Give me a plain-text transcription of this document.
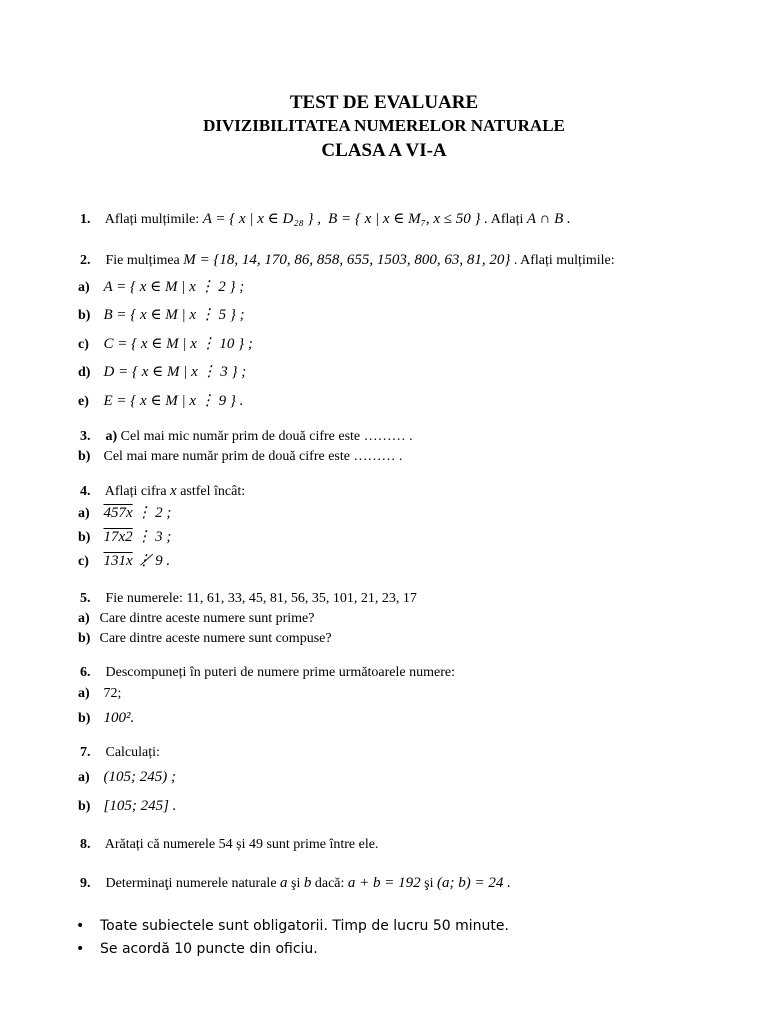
TEST DE EVALUARE
DIVIZIBILITATEA NUMERELOR NATURALE
CLASA A VI-A
1. Aflați mulțimile: A = { x | x ∈ D₂₈ } , B = { x | x ∈ M₇, x ≤ 50 } . Aflați A ∩ B .
2. Fie mulțimea M = {18, 14, 170, 86, 858, 655, 1503, 800, 63, 81, 20} . Aflați mulțimile:
a) A = { x ∈ M | x ⋮ 2 } ;
b) B = { x ∈ M | x ⋮ 5 } ;
c) C = { x ∈ M | x ⋮ 10 } ;
d) D = { x ∈ M | x ⋮ 3 } ;
e) E = { x ∈ M | x ⋮ 9 } .
3. a) Cel mai mic număr prim de două cifre este ……… .
b) Cel mai mare număr prim de două cifre este ……… .
4. Aflați cifra x astfel încât:
a) 457x ⋮ 2 ;
b) 17x2 ⋮ 3 ;
c) 131x ⋮̸ 9 .
5. Fie numerele: 11, 61, 33, 45, 81, 56, 35, 101, 21, 23, 17
a) Care dintre aceste numere sunt prime?
b) Care dintre aceste numere sunt compuse?
6. Descompuneți în puteri de numere prime următoarele numere:
a) 72;
b) 100².
7. Calculați:
a) (105; 245) ;
b) [105; 245] .
8. Arătați că numerele 54 și 49 sunt prime între ele.
9. Determinaţi numerele naturale a şi b dacă: a + b = 192 şi (a; b) = 24 .
• Toate subiectele sunt obligatorii. Timp de lucru 50 minute.
• Se acordă 10 puncte din oficiu.
